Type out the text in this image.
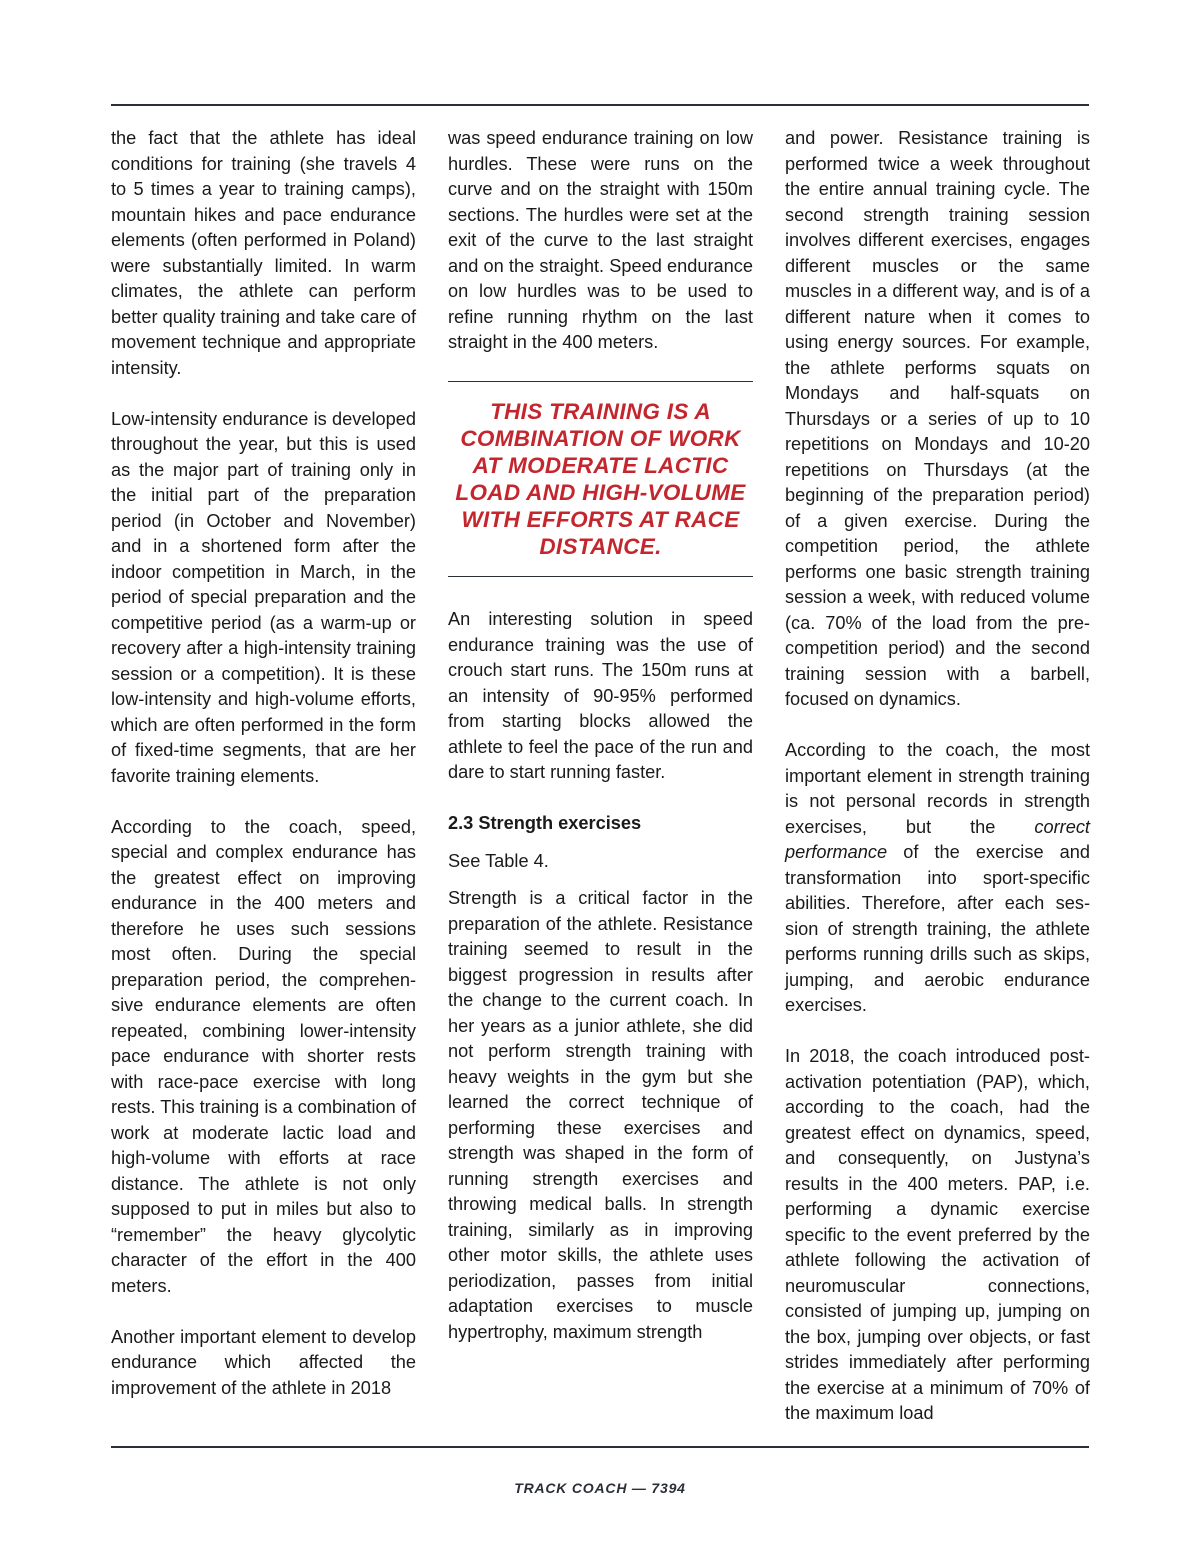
the fact that the athlete has ideal conditions for training (she travels 4 to 5 times a year to training camps), mountain hikes and pace endurance elements (often performed in Poland) were substantially limited. In warm climates, the athlete can perform better quality training and take care of movement technique and appropriate intensity.

Low-intensity endurance is developed throughout the year, but this is used as the major part of training only in the initial part of the preparation period (in October and November) and in a shortened form after the indoor competition in March, in the period of special preparation and the competitive period (as a warm-up or recovery after a high-intensity training session or a competition). It is these low-intensity and high-volume efforts, which are often performed in the form of fixed-time segments, that are her favorite training elements.

According to the coach, speed, special and complex endurance has the greatest effect on improving endurance in the 400 meters and therefore he uses such sessions most often. During the special preparation period, the comprehensive endurance elements are often repeated, combining lower-intensity pace endurance with shorter rests with race-pace exercise with long rests. This training is a combination of work at moderate lactic load and high-volume with efforts at race distance. The athlete is not only supposed to put in miles but also to “remember” the heavy glycolytic character of the effort in the 400 meters.

Another important element to develop endurance which affected the improvement of the athlete in 2018

was speed endurance training on low hurdles. These were runs on the curve and on the straight with 150m sections. The hurdles were set at the exit of the curve to the last straight and on the straight. Speed endurance on low hurdles was to be used to refine running rhythm on the last straight in the 400 meters.

THIS TRAINING IS A COMBINATION OF WORK AT MODERATE LACTIC LOAD AND HIGH-VOLUME WITH EFFORTS AT RACE DISTANCE.

An interesting solution in speed endurance training was the use of crouch start runs. The 150m runs at an intensity of 90-95% performed from starting blocks allowed the athlete to feel the pace of the run and dare to start running faster.

2.3 Strength exercises

See Table 4.

Strength is a critical factor in the preparation of the athlete. Resistance training seemed to result in the biggest progression in results after the change to the current coach. In her years as a junior athlete, she did not perform strength training with heavy weights in the gym but she learned the correct technique of performing these exercises and strength was shaped in the form of running strength exercises and throwing medical balls. In strength training, similarly as in improving other motor skills, the athlete uses periodization, passes from initial adaptation exercises to muscle hypertrophy, maximum strength

and power. Resistance training is performed twice a week throughout the entire annual training cycle. The second strength training session involves different exercises, engages different muscles or the same muscles in a different way, and is of a different nature when it comes to using energy sources. For example, the athlete performs squats on Mondays and half-squats on Thursdays or a series of up to 10 repetitions on Mondays and 10-20 repetitions on Thursdays (at the beginning of the preparation period) of a given exercise. During the competition period, the athlete performs one basic strength training session a week, with reduced volume (ca. 70% of the load from the pre-competition period) and the second training session with a barbell, focused on dynamics.

According to the coach, the most important element in strength training is not personal records in strength exercises, but the correct performance of the exercise and transformation into sport-specific abilities. Therefore, after each session of strength training, the athlete performs running drills such as skips, jumping, and aerobic endurance exercises.

In 2018, the coach introduced post-activation potentiation (PAP), which, according to the coach, had the greatest effect on dynamics, speed, and consequently, on Justyna’s results in the 400 meters. PAP, i.e. performing a dynamic exercise specific to the event preferred by the athlete following the activation of neuromuscular connections, consisted of jumping up, jumping on the box, jumping over objects, or fast strides immediately after performing the exercise at a minimum of 70% of the maximum load

TRACK COACH — 7394
